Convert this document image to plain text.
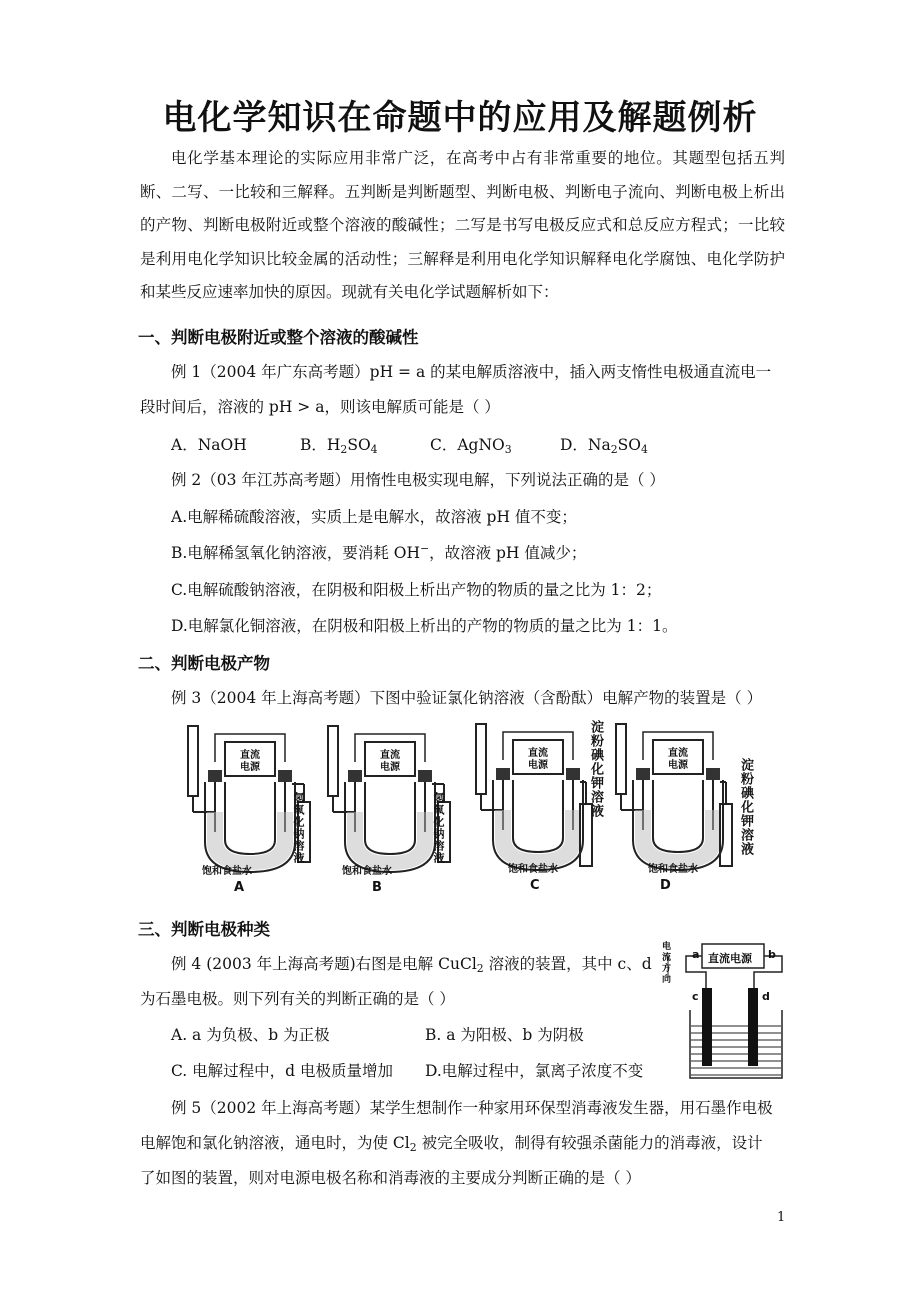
电化学知识在命题中的应用及解题例析
电化学基本理论的实际应用非常广泛，在高考中占有非常重要的地位。其题型包括五判断、二写、一比较和三解释。五判断是判断题型、判断电极、判断电子流向、判断电极上析出的产物、判断电极附近或整个溶液的酸碱性；二写是书写电极反应式和总反应方程式；一比较是利用电化学知识比较金属的活动性；三解释是利用电化学知识解释电化学腐蚀、电化学防护和某些反应速率加快的原因。现就有关电化学试题解析如下：
一、判断电极附近或整个溶液的酸碱性
例 1（2004 年广东高考题）pH = a 的某电解质溶液中，插入两支惰性电极通直流电一
段时间后，溶液的 pH > a，则该电解质可能是（ ）
A．NaOH	B．$H_2SO_4$	C．AgNO$_3$	D．$Na_2SO_4$
例 2（03 年江苏高考题）用惰性电极实现电解，下列说法正确的是（ ）
A.电解稀硫酸溶液，实质上是电解水，故溶液 pH 值不变；
B.电解稀氢氧化钠溶液，要消耗 OH−，故溶液 pH 值减少；
C.电解硫酸钠溶液，在阴极和阳极上析出产物的物质的量之比为 1：2；
D.电解氯化铜溶液，在阴极和阳极上析出的产物的物质的量之比为 1：1。
二、判断电极产物
例 3（2004 年上海高考题）下图中验证氯化钠溶液（含酚酞）电解产物的装置是（ ）
直流
电源
氢氧化钠溶液
饱和食盐水
A
直流
电源
氢氧化钠溶液
饱和食盐水
B
直流
电源	淀粉碘化钾溶液
饱和食盐水
C
直流
电源	淀粉碘化钾溶液
饱和食盐水
D
三、判断电极种类
例 4 (2003 年上海高考题)右图是电解 CuCl$_2$ 溶液的装置，其中 c、d
为石墨电极。则下列有关的判断正确的是（ ）
A. a 为负极、b 为正极	B. a 为阳极、b 为阴极
C. 电解过程中，d 电极质量增加 D.电解过程中，氯离子浓度不变
直流电源
电流方向
a	b
c	d
例 5（2002 年上海高考题）某学生想制作一种家用环保型消毒液发生器，用石墨作电极
电解饱和氯化钠溶液，通电时，为使 $Cl_2$ 被完全吸收，制得有较强杀菌能力的消毒液，设计
了如图的装置，则对电源电极名称和消毒液的主要成分判断正确的是（ ）
1
